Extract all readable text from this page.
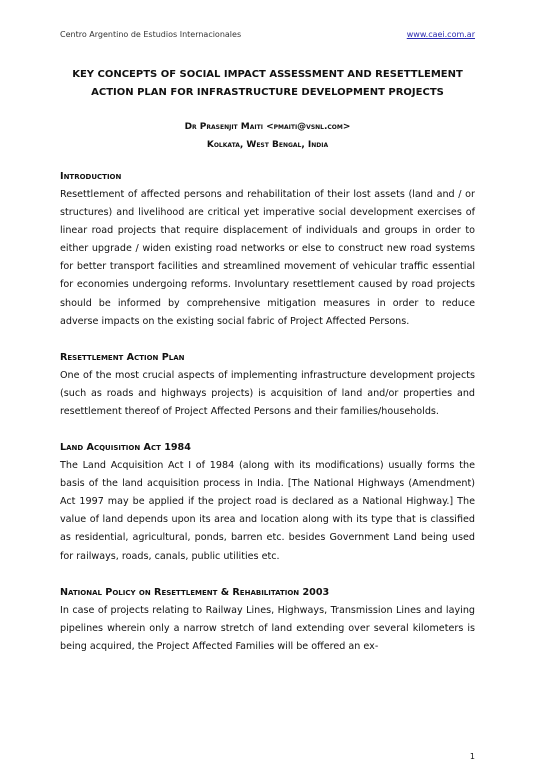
Centro Argentino de Estudios Internacionales	www.caei.com.ar
KEY CONCEPTS OF SOCIAL IMPACT ASSESSMENT AND RESETTLEMENT
ACTION PLAN FOR INFRASTRUCTURE DEVELOPMENT PROJECTS
Dr Prasenjit Maiti <pmaiti@vsnl.com>
Kolkata, West Bengal, India
Introduction

Resettlement of affected persons and rehabilitation of their lost assets (land and / or structures) and livelihood are critical yet imperative social development exercises of linear road projects that require displacement of individuals and groups in order to either upgrade / widen existing road networks or else to construct new road systems for better transport facilities and streamlined movement of vehicular traffic essential for economies undergoing reforms. Involuntary resettlement caused by road projects should be informed by comprehensive mitigation measures in order to reduce adverse impacts on the existing social fabric of Project Affected Persons.

Resettlement Action Plan

One of the most crucial aspects of implementing infrastructure development projects (such as roads and highways projects) is acquisition of land and/or properties and resettlement thereof of Project Affected Persons and their families/households.

Land Acquisition Act 1984

The Land Acquisition Act I of 1984 (along with its modifications) usually forms the basis of the land acquisition process in India. [The National Highways (Amendment) Act 1997 may be applied if the project road is declared as a National Highway.] The value of land depends upon its area and location along with its type that is classified as residential, agricultural, ponds, barren etc. besides Government Land being used for railways, roads, canals, public utilities etc.

National Policy on Resettlement & Rehabilitation 2003

In case of projects relating to Railway Lines, Highways, Transmission Lines and laying pipelines wherein only a narrow stretch of land extending over several kilometers is being acquired, the Project Affected Families will be offered an ex-

1
